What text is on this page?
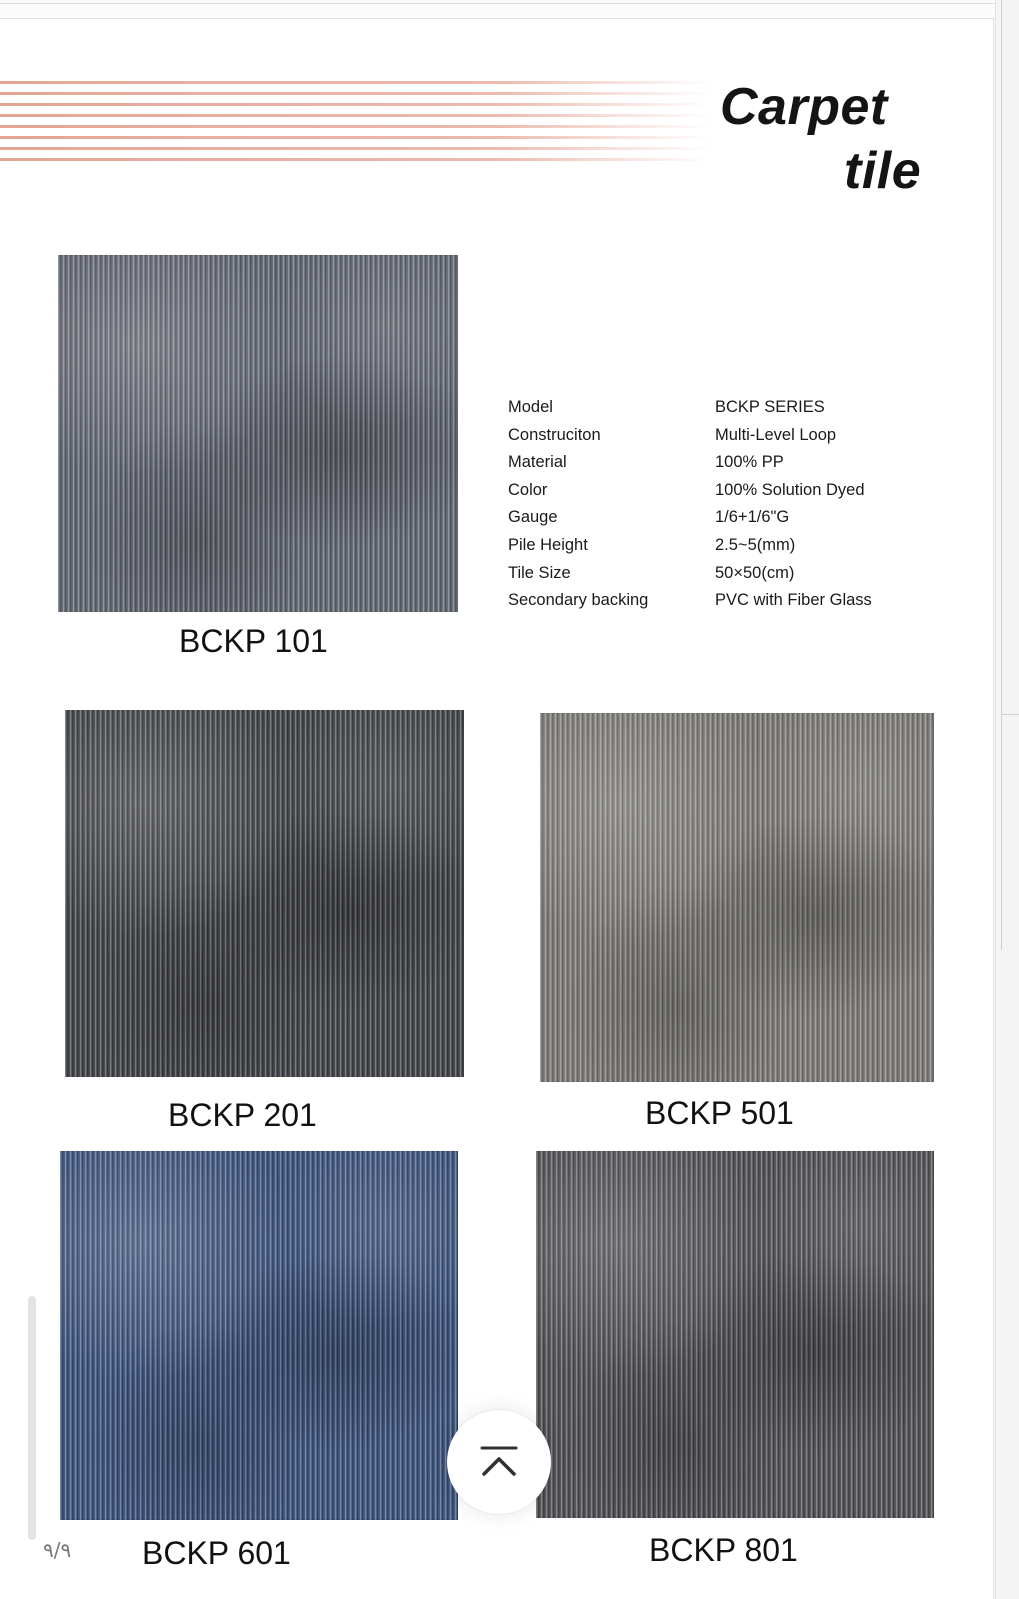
Carpet
tile
BCKP 101
Model	BCKP SERIES
Construciton	Multi-Level Loop
Material	100% PP
Color	100% Solution Dyed
Gauge	1/6+1/6"G
Pile Height	2.5~5(mm)
Tile Size	50×50(cm)
Secondary backing	PVC with Fiber Glass
BCKP 201	BCKP 501
BCKP 601	BCKP 801
٩/٩
